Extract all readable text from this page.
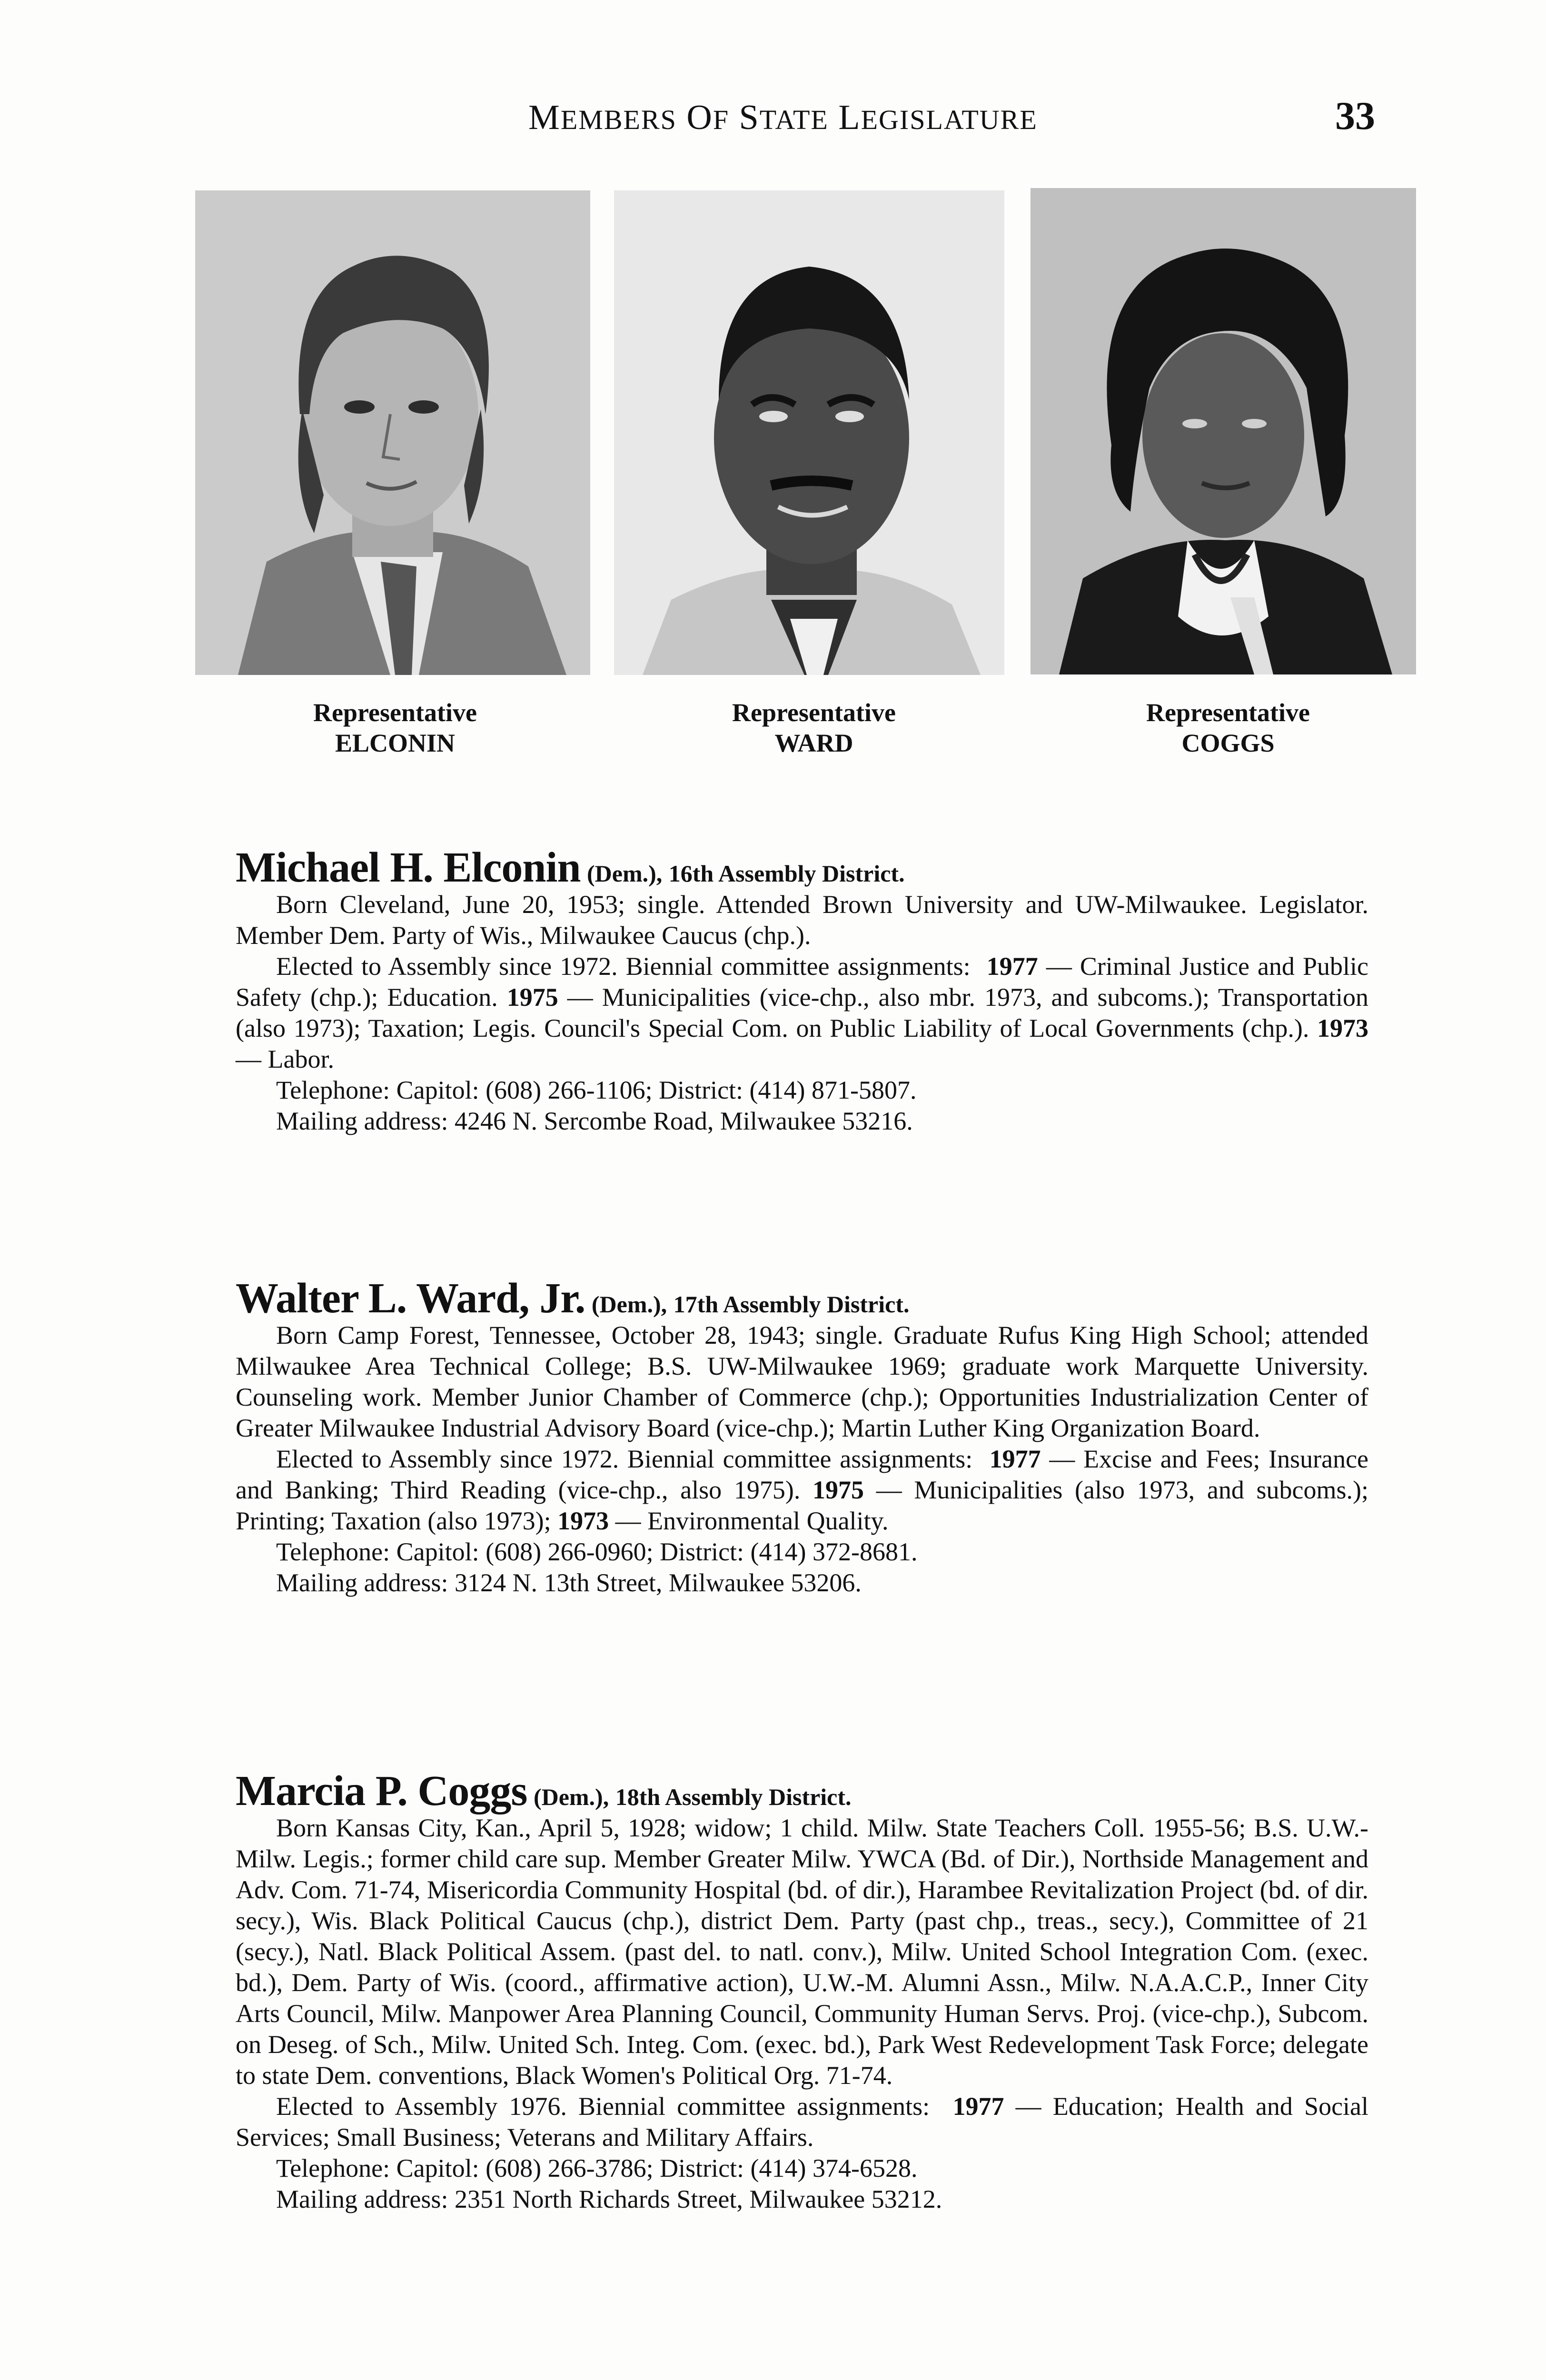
MEMBERS OF STATE LEGISLATURE	33
Representative
ELCONIN
Representative
WARD
Representative
COGGS

Michael H. Elconin (Dem.), 16th Assembly District.

Born Cleveland, June 20, 1953; single. Attended Brown University and UW-Milwaukee. Legislator. Member Dem. Party of Wis., Milwaukee Caucus (chp.).

Elected to Assembly since 1972. Biennial committee assignments: 1977 — Criminal Justice and Public Safety (chp.); Education. 1975 — Municipalities (vice-chp., also mbr. 1973, and subcoms.); Transportation (also 1973); Taxation; Legis. Council's Special Com. on Public Liability of Local Governments (chp.). 1973 — Labor.

Telephone: Capitol: (608) 266-1106; District: (414) 871-5807.

Mailing address: 4246 N. Sercombe Road, Milwaukee 53216.

Walter L. Ward, Jr. (Dem.), 17th Assembly District.

Born Camp Forest, Tennessee, October 28, 1943; single. Graduate Rufus King High School; attended Milwaukee Area Technical College; B.S. UW-Milwaukee 1969; graduate work Marquette University. Counseling work. Member Junior Chamber of Commerce (chp.); Opportunities Industrialization Center of Greater Milwaukee Industrial Advisory Board (vice-chp.); Martin Luther King Organization Board.

Elected to Assembly since 1972. Biennial committee assignments: 1977 — Excise and Fees; Insurance and Banking; Third Reading (vice-chp., also 1975). 1975 — Municipalities (also 1973, and subcoms.); Printing; Taxation (also 1973); 1973 — Environmental Quality.

Telephone: Capitol: (608) 266-0960; District: (414) 372-8681.

Mailing address: 3124 N. 13th Street, Milwaukee 53206.

Marcia P. Coggs (Dem.), 18th Assembly District.

Born Kansas City, Kan., April 5, 1928; widow; 1 child. Milw. State Teachers Coll. 1955-56; B.S. U.W.-Milw. Legis.; former child care sup. Member Greater Milw. YWCA (Bd. of Dir.), Northside Management and Adv. Com. 71-74, Misericordia Community Hospital (bd. of dir.), Harambee Revitalization Project (bd. of dir. secy.), Wis. Black Political Caucus (chp.), district Dem. Party (past chp., treas., secy.), Committee of 21 (secy.), Natl. Black Political Assem. (past del. to natl. conv.), Milw. United School Integration Com. (exec. bd.), Dem. Party of Wis. (coord., affirmative action), U.W.-M. Alumni Assn., Milw. N.A.A.C.P., Inner City Arts Council, Milw. Manpower Area Planning Council, Community Human Servs. Proj. (vice-chp.), Subcom. on Deseg. of Sch., Milw. United Sch. Integ. Com. (exec. bd.), Park West Redevelopment Task Force; delegate to state Dem. conventions, Black Women's Political Org. 71-74.

Elected to Assembly 1976. Biennial committee assignments: 1977 — Education; Health and Social Services; Small Business; Veterans and Military Affairs.

Telephone: Capitol: (608) 266-3786; District: (414) 374-6528.

Mailing address: 2351 North Richards Street, Milwaukee 53212.
